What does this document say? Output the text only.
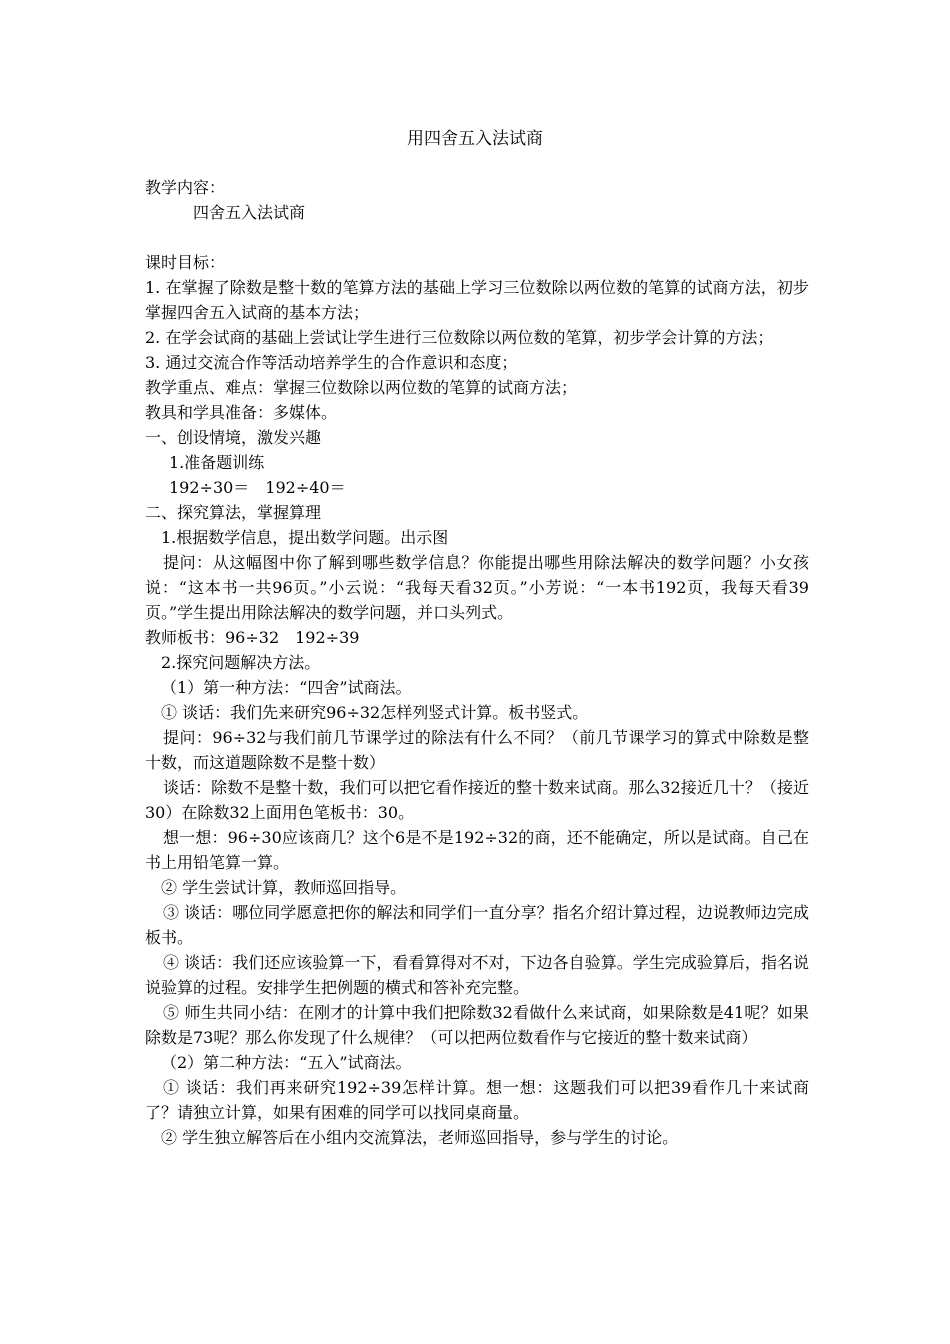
用四舍五入法试商

教学内容：

四舍五入法试商

课时目标：

1. 在掌握了除数是整十数的笔算方法的基础上学习三位数除以两位数的笔算的试商方法，初步掌握四舍五入试商的基本方法；

2. 在学会试商的基础上尝试让学生进行三位数除以两位数的笔算，初步学会计算的方法；

3. 通过交流合作等活动培养学生的合作意识和态度；

教学重点、难点：掌握三位数除以两位数的笔算的试商方法；

教具和学具准备：多媒体。

一、创设情境，激发兴趣

1.准备题训练

192÷30＝　192÷40＝

二、探究算法，掌握算理

1.根据数学信息，提出数学问题。出示图

提问：从这幅图中你了解到哪些数学信息？你能提出哪些用除法解决的数学问题？小女孩说：“这本书一共96页。”小云说：“我每天看32页。”小芳说：“一本书192页，我每天看39页。”学生提出用除法解决的数学问题，并口头列式。

教师板书：96÷32　192÷39

2.探究问题解决方法。

（1）第一种方法：“四舍”试商法。

① 谈话：我们先来研究96÷32怎样列竖式计算。板书竖式。

提问：96÷32与我们前几节课学过的除法有什么不同？（前几节课学习的算式中除数是整十数，而这道题除数不是整十数）

谈话：除数不是整十数，我们可以把它看作接近的整十数来试商。那么32接近几十？（接近30）在除数32上面用色笔板书：30。

想一想：96÷30应该商几？这个6是不是192÷32的商，还不能确定，所以是试商。自己在书上用铅笔算一算。

② 学生尝试计算，教师巡回指导。

③ 谈话：哪位同学愿意把你的解法和同学们一直分享？指名介绍计算过程，边说教师边完成板书。

④ 谈话：我们还应该验算一下，看看算得对不对，下边各自验算。学生完成验算后，指名说说验算的过程。安排学生把例题的横式和答补充完整。

⑤ 师生共同小结：在刚才的计算中我们把除数32看做什么来试商，如果除数是41呢？如果除数是73呢？那么你发现了什么规律？（可以把两位数看作与它接近的整十数来试商）

（2）第二种方法：“五入”试商法。

① 谈话：我们再来研究192÷39怎样计算。想一想：这题我们可以把39看作几十来试商了？请独立计算，如果有困难的同学可以找同桌商量。

② 学生独立解答后在小组内交流算法，老师巡回指导，参与学生的讨论。
